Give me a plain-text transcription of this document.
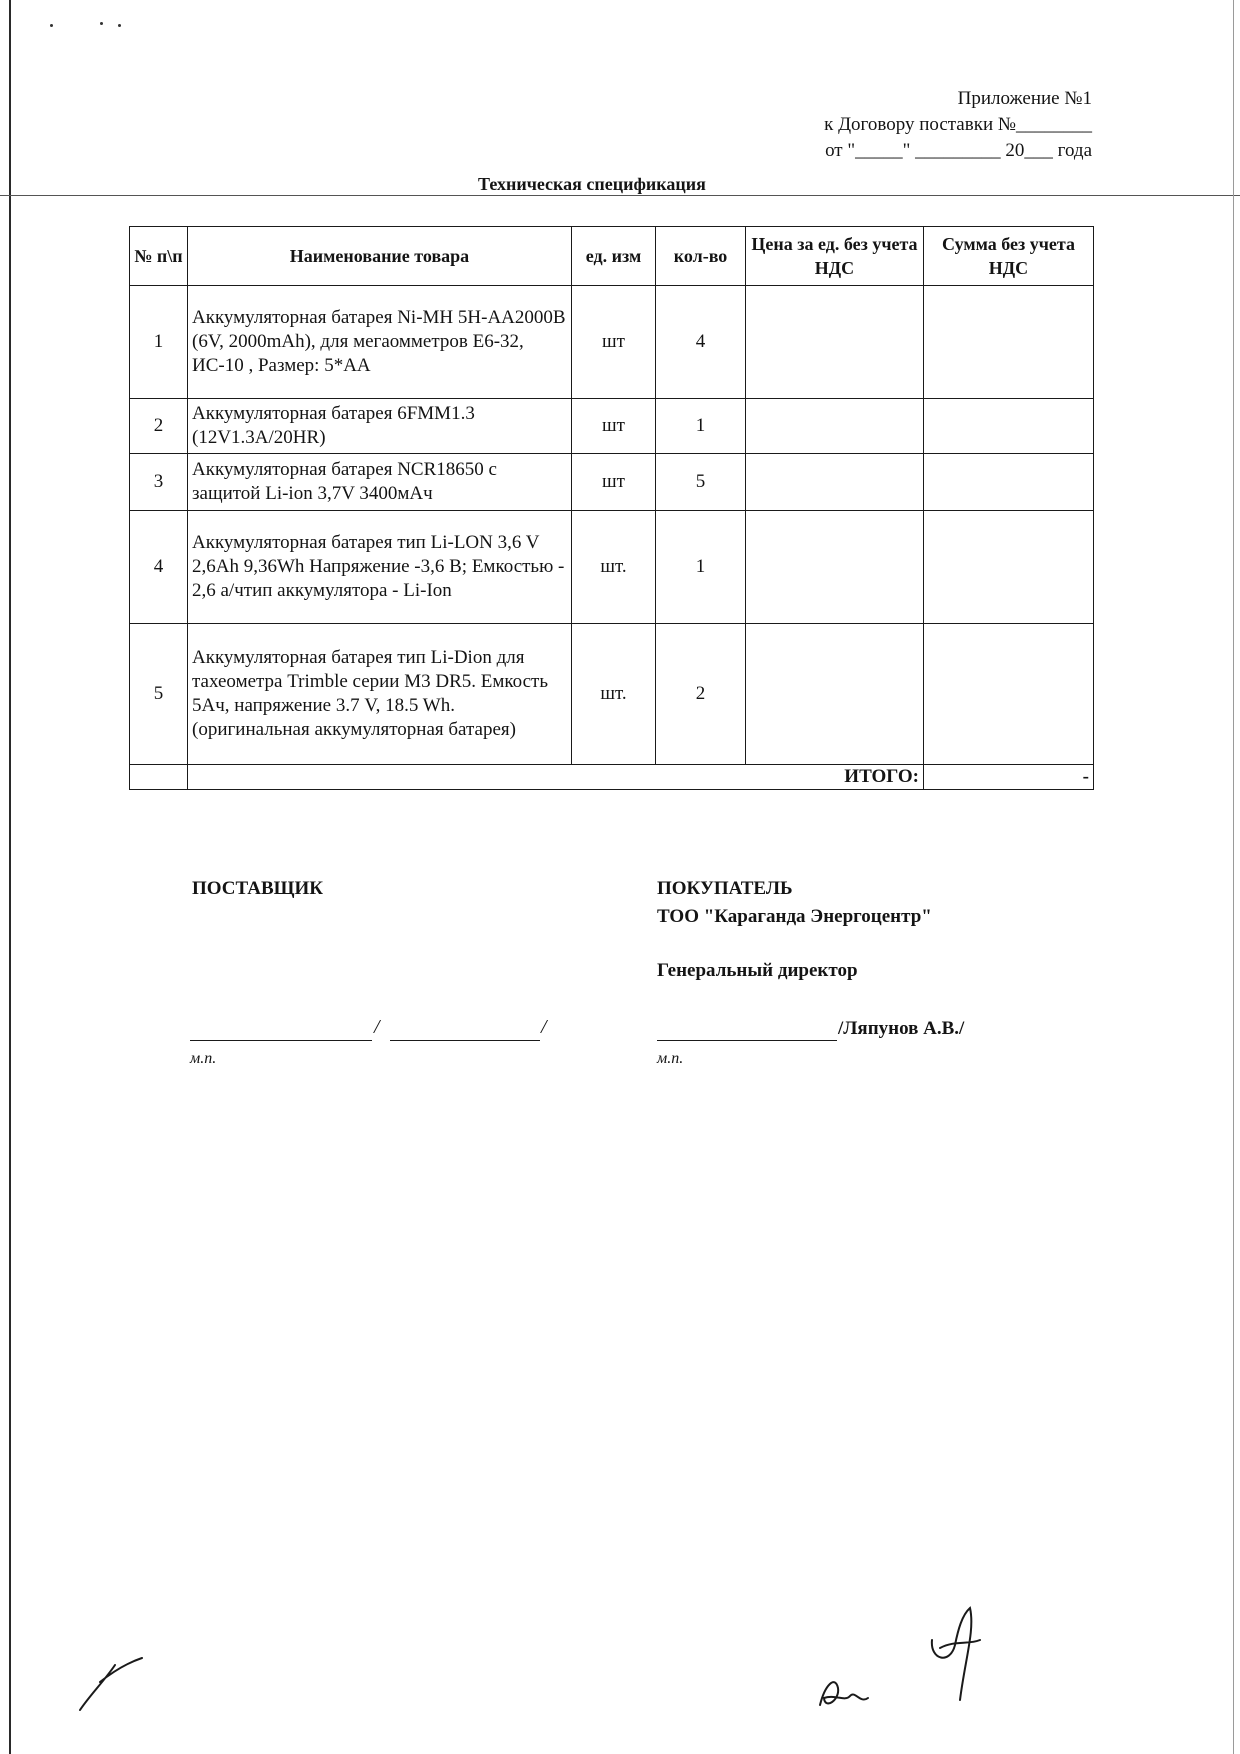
Приложение №1
к Договору поставки №________
от "_____" _________ 20___ года
Техническая спецификация
№ п\п	Наименование товара	ед. изм	кол-во	Цена за ед. без учета НДС	Сумма без учета НДС
1	Аккумуляторная батарея Ni-MH 5H-AA2000B (6V, 2000mAh), для мегаомметров Е6-32, ИС-10 , Размер: 5*AA	шт	4		
2	Аккумуляторная батарея 6FMM1.3 (12V1.3A/20HR)	шт	1		
3	Аккумуляторная батарея NCR18650 с защитой Li-ion 3,7V 3400мАч	шт	5		
4	Аккумуляторная батарея тип Li-LON 3,6 V 2,6Ah 9,36Wh Напряжение -3,6 В; Емкостью - 2,6 а/чтип аккумулятора - Li-Ion	шт.	1		
5	Аккумуляторная батарея тип Li-Dion для тахеометра Trimble серии M3 DR5. Емкость 5Ач, напряжение 3.7 V, 18.5 Wh. (оригинальная аккумуляторная батарея)	шт.	2		
	ИТОГО:				-
ПОСТАВЩИК
/	/
м.п.
ПОКУПАТЕЛЬ
ТОО "Караганда Энергоцентр"
Генеральный директор
/Ляпунов А.В./
м.п.
